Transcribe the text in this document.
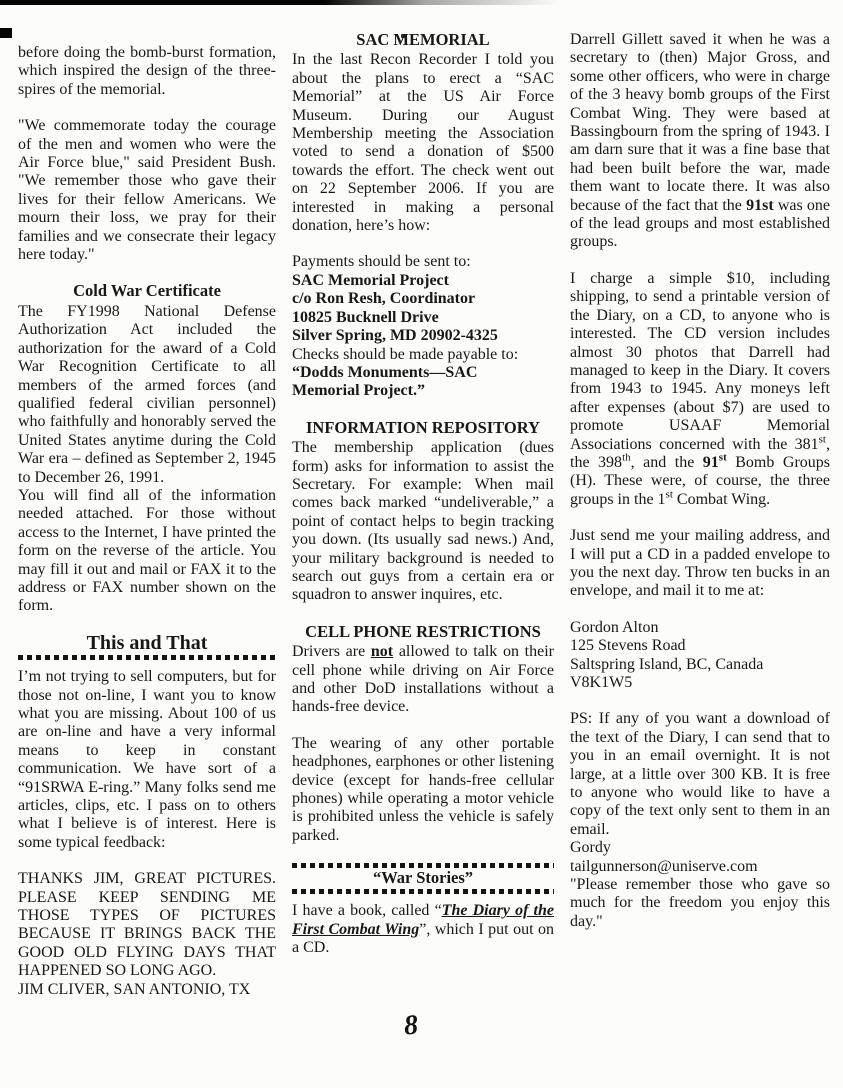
before doing the bomb-burst formation, which inspired the design of the three-spires of the memorial.
"We commemorate today the courage of the men and women who were the Air Force blue," said President Bush. "We remember those who gave their lives for their fellow Americans. We mourn their loss, we pray for their families and we consecrate their legacy here today."
Cold War Certificate
The FY1998 National Defense Authorization Act included the authorization for the award of a Cold War Recognition Certificate to all members of the armed forces (and qualified federal civilian personnel) who faithfully and honorably served the United States anytime during the Cold War era – defined as September 2, 1945 to December 26, 1991.
You will find all of the information needed attached. For those without access to the Internet, I have printed the form on the reverse of the article. You may fill it out and mail or FAX it to the address or FAX number shown on the form.
This and That
I’m not trying to sell computers, but for those not on-line, I want you to know what you are missing. About 100 of us are on-line and have a very informal means to keep in constant communication. We have sort of a “91SRWA E-ring.” Many folks send me articles, clips, etc. I pass on to others what I believe is of interest. Here is some typical feedback:
THANKS JIM, GREAT PICTURES. PLEASE KEEP SENDING ME THOSE TYPES OF PICTURES BECAUSE IT BRINGS BACK THE GOOD OLD FLYING DAYS THAT HAPPENED SO LONG AGO.
JIM CLIVER, SAN ANTONIO, TX
SAC MEMORIAL
In the last Recon Recorder I told you about the plans to erect a “SAC Memorial” at the US Air Force Museum. During our August Membership meeting the Association voted to send a donation of $500 towards the effort. The check went out on 22 September 2006. If you are interested in making a personal donation, here’s how:
Payments should be sent to:
SAC Memorial Project
c/o Ron Resh, Coordinator
10825 Bucknell Drive
Silver Spring, MD 20902-4325
Checks should be made payable to:
“Dodds Monuments—SAC
Memorial Project.”
INFORMATION REPOSITORY
The membership application (dues form) asks for information to assist the Secretary. For example: When mail comes back marked “undeliverable,” a point of contact helps to begin tracking you down. (Its usually sad news.) And, your military background is needed to search out guys from a certain era or squadron to answer inquires, etc.
CELL PHONE RESTRICTIONS
Drivers are not allowed to talk on their cell phone while driving on Air Force and other DoD installations without a hands-free device.
The wearing of any other portable headphones, earphones or other listening device (except for hands-free cellular phones) while operating a motor vehicle is prohibited unless the vehicle is safely parked.
“War Stories”
I have a book, called “The Diary of the First Combat Wing”, which I put out on a CD.
Darrell Gillett saved it when he was a secretary to (then) Major Gross, and some other officers, who were in charge of the 3 heavy bomb groups of the First Combat Wing. They were based at Bassingbourn from the spring of 1943. I am darn sure that it was a fine base that had been built before the war, made them want to locate there. It was also because of the fact that the 91st was one of the lead groups and most established groups.
I charge a simple $10, including shipping, to send a printable version of the Diary, on a CD, to anyone who is interested. The CD version includes almost 30 photos that Darrell had managed to keep in the Diary. It covers from 1943 to 1945. Any moneys left after expenses (about $7) are used to promote USAAF Memorial Associations concerned with the 381st, the 398th, and the 91st Bomb Groups (H). These were, of course, the three groups in the 1st Combat Wing.
Just send me your mailing address, and I will put a CD in a padded envelope to you the next day. Throw ten bucks in an envelope, and mail it to me at:
Gordon Alton
125 Stevens Road
Saltspring Island, BC, Canada
V8K1W5
PS: If any of you want a download of the text of the Diary, I can send that to you in an email overnight. It is not large, at a little over 300 KB. It is free to anyone who would like to have a copy of the text only sent to them in an email.
Gordy
tailgunnerson@uniserve.com
"Please remember those who gave so much for the freedom you enjoy this day."
8
